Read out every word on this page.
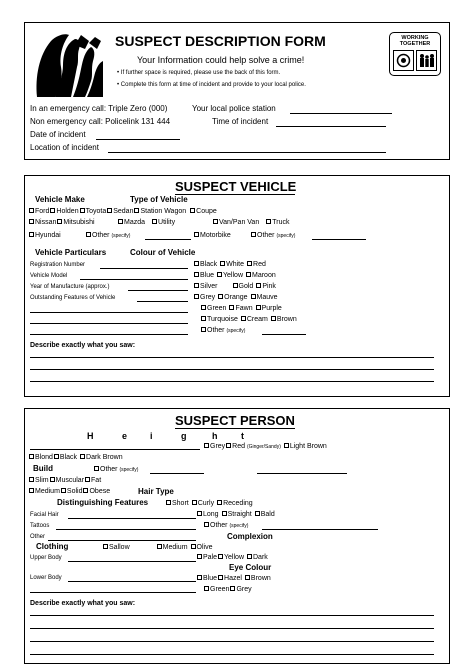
SUSPECT DESCRIPTION FORM
Your Information could help solve a crime!
• If further space is required, please use the back of this form.
• Complete this form at time of incident and provide to your local police.
WORKING
TOGETHER
In an emergency call: Triple Zero (000)	Your local police station
Non emergency call: Policelink 131 444	Time of incident
Date of incident
Location of incident
SUSPECT VEHICLE
Vehicle Make	Type of Vehicle
Ford Holden Toyota Sedan Station Wagon Coupe
Nissan Mitsubishi	Mazda Utility	Van/Pan Van Truck
Hyundai	Other (specify)	Motorbike	Other (specify)
Vehicle Particulars	Colour of Vehicle
Registration Number
Vehicle Model
Year of Manufacture (approx.)
Outstanding Features of Vehicle
Black White Red
Blue Yellow Maroon
Silver	Gold Pink
Grey Orange Mauve
Green Fawn Purple
Turquoise Cream Brown
Other (specify)
Describe exactly what you saw:
SUSPECT PERSON
H	e	i	g	h	t
Grey Red (Ginger/Sandy) Light Brown
Blond Black Dark Brown
Build	Other (specify)
Slim Muscular Fat
Medium Solid Obese	Hair Type
Distinguishing Features	Short Curly Receding
Facial Hair	Long Straight Bald
Tattoos	Other (specify)
Other	Complexion
Clothing	Sallow	Medium Olive
Upper Body	Pale Yellow Dark
Eye Colour
Lower Body	Blue Hazel Brown
Green Grey
Describe exactly what you saw:
